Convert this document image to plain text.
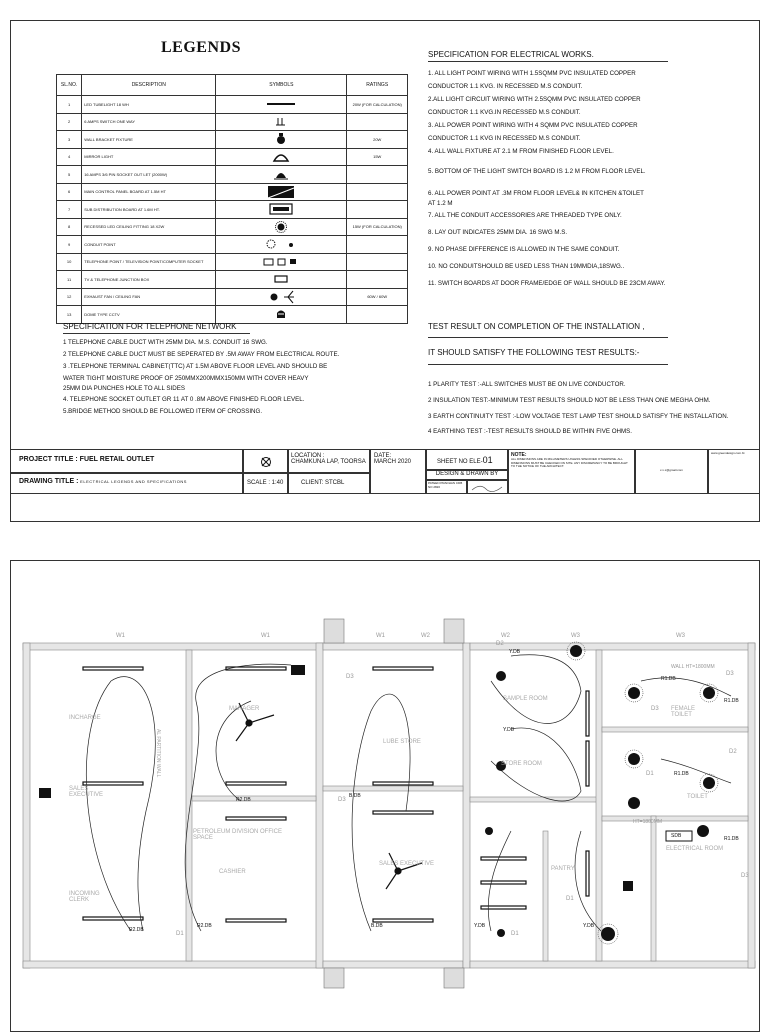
LEGENDS
SL.NO.	DESCRIPTION	SYMBOLS	RATINGS
1	LED TUBELIGHT 18 WH		20W (FOR CALCULATION)
2	6 AMPS SWITCH ONE WAY	

3	WALL BRACKET FIXTURE		20W
4	MIRROR LIGHT		15W
5	16 AMPS 3/6 PIN SOCKET OUT LET (2000W)	

6	MAIN CONTROL PANEL BOARD AT 1.5M HT	

7	SUB DISTRIBUTION BOARD AT 1.6M HT.	

8	RECESSED LED CEILING FITTING 18 X2W		15W (FOR CALCULATION)
9	CONDUIT POINT	

10	TELEPHONE POINT / TELEVISION POINT/COMPUTER SOCKET	

11	TV & TELEPHONE JUNCTION BOX	

12	EXHAUST FAN / CEILING FAN		60W / 60W
13	DOME TYPE CCTV	

SPECIFICATION FOR ELECTRICAL WORKS.
1. ALL LIGHT POINT WIRING WITH 1.5SQMM PVC INSULATED COPPER
CONDUCTOR 1.1 KVG. IN RECESSED M.S CONDUIT.
2.ALL LIGHT CIRCUIT WIRING WITH 2.5SQMM PVC INSULATED COPPER
CONDUCTOR 1.1 KVG.IN RECESSED M.S CONDUIT.
3. ALL POWER POINT WIRING WITH 4 SQMM PVC INSULATED COPPER
CONDUCTOR 1.1 KVG IN RECESSED M.S CONDUIT.
4. ALL WALL FIXTURE AT 2.1 M FROM FINISHED FLOOR LEVEL.
5. BOTTOM OF THE LIGHT SWITCH BOARD IS 1.2 M FROM FLOOR LEVEL.
6. ALL POWER POINT AT .3M FROM FLOOR LEVEL& IN KITCHEN &TOILET
AT 1.2 M
7. ALL THE CONDUIT ACCESSORIES ARE THREADED TYPE ONLY.
8. LAY OUT INDICATES 25MM DIA. 16 SWG M.S.
9. NO PHASE DIFFERENCE IS ALLOWED IN THE SAME CONDUIT.
10. NO CONDUITSHOULD BE USED LESS THAN 19MMDIA,18SWG..
11. SWITCH BOARDS AT DOOR FRAME/EDGE OF WALL SHOULD BE 23CM AWAY.
SPECIFICATION FOR TELEPHONE NETWORK
1 TELEPHONE CABLE DUCT WITH 25MM DIA. M.S. CONDUIT 16 SWG.
2 TELEPHONE CABLE DUCT MUST BE SEPERATED BY .5M AWAY FROM ELECTRICAL ROUTE.
3 .TELEPHONE TERMINAL CABINET(TTC) AT 1.5M ABOVE FLOOR LEVEL AND SHOULD BE
WATER TIGHT MOISTURE PROOF OF 250MMX200MMX150MM WITH COVER HEAVY
25MM DIA PUNCHES HOLE TO ALL SIDES
4. TELEPHONE SOCKET OUTLET GR 11 AT 0 .8M ABOVE FINISHED FLOOR LEVEL.
5.BRIDGE METHOD SHOULD BE FOLLOWED ITERM OF CROSSING.
TEST RESULT ON COMPLETION OF THE INSTALLATION ,
IT SHOULD SATISFY THE FOLLOWING TEST RESULTS:-
1 PLARITY TEST :-ALL SWITCHES MUST BE ON LIVE CONDUCTOR.
2 INSULATION TEST:-MINIMUM TEST RESULTS SHOULD NOT BE LESS THAN ONE MEGHA OHM.
3 EARTH CONTINUITY TEST :-LOW VOLTAGE TEST LAMP TEST SHOULD SATISFY THE INSTALLATION.
4 EARTHING TEST :-TEST RESULTS SHOULD BE WITHIN FIVE OHMS.
PROJECT TITLE : FUEL RETAIL OUTLET
DRAWING TITLE : ELECTRICAL LEGENDS AND SPECIFICATIONS	SCALE : 1:40
LOCATION :
CHAMKUNA LAP, TOORSA
CLIENT: STCBL
DATE:
MARCH 2020	SHEET NO ELE-01
DESIGN & DRAWN BY
PATEEN PRADHAN CDB NO 2820
NOTE:
ALL DIMENSIONS ARE IN MILLIMETERS UNLESS SPECIFIED OTHERWISE. ALL DIMENSIONS MUST BE CHECKED ON SITE. ANY DISCREPANCY TO BE BROUGHT TO THE NOTICE OF THE ARCHITECT.
x.x.x@gmail.com
www.greendesign.com.bt
W1	W1	W1	W2	W3	W3
W2
D1	D1
D2
D3
D3
D3
D3
D1
D1
D2
D3
INCHARGE
SALES EXECUTIVE
INCOMING CLERK
MANAGER
PETROLEUM DIVISION OFFICE SPACE
CASHIER
LUBE STORE
SALES EXECUTIVE
SAMPLE ROOM
STORE ROOM
PANTRY
FEMALE TOILET
TOILET
ELECTRICAL ROOM
R2.DB
R2.DB
R2.DB
R1.DB
Y.DB
Y.DB
Y.DB
R1.DB
R1.DB
R1.DB
B.DB
B.DB	Y.DB
WALL HT=1800MM
HT=1800MM
AL PARTITION WALL
SDB
